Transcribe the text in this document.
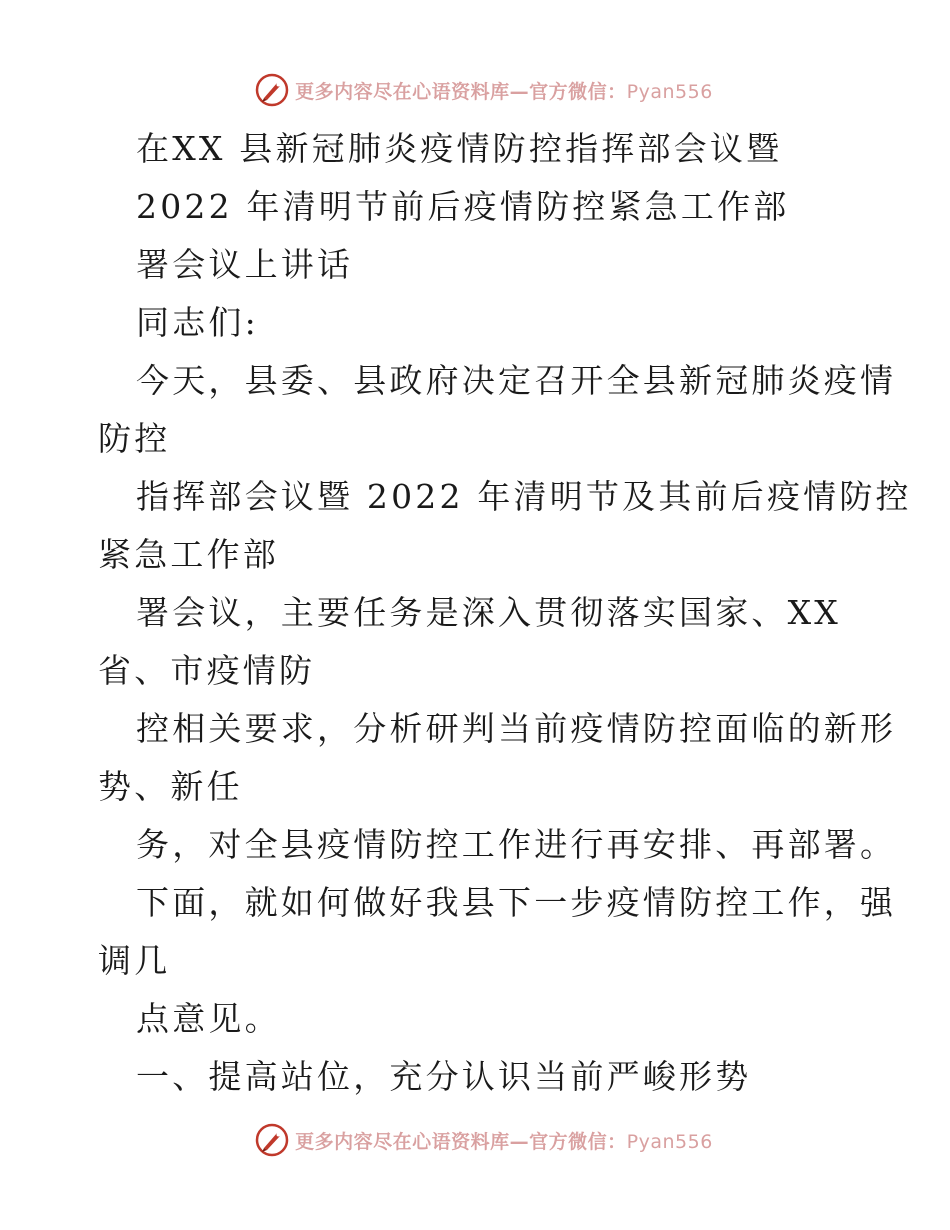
更多内容尽在心语资料库—官方微信：Pyan556
在XX 县新冠肺炎疫情防控指挥部会议暨
2022 年清明节前后疫情防控紧急工作部
署会议上讲话
同志们:
今天，县委、县政府决定召开全县新冠肺炎疫情
防控
指挥部会议暨 2022 年清明节及其前后疫情防控
紧急工作部
署会议，主要任务是深入贯彻落实国家、XX
省、市疫情防
控相关要求，分析研判当前疫情防控面临的新形
势、新任
务，对全县疫情防控工作进行再安排、再部署。
下面，就如何做好我县下一步疫情防控工作，强
调几
点意见。
一、提高站位，充分认识当前严峻形势
更多内容尽在心语资料库—官方微信：Pyan556
